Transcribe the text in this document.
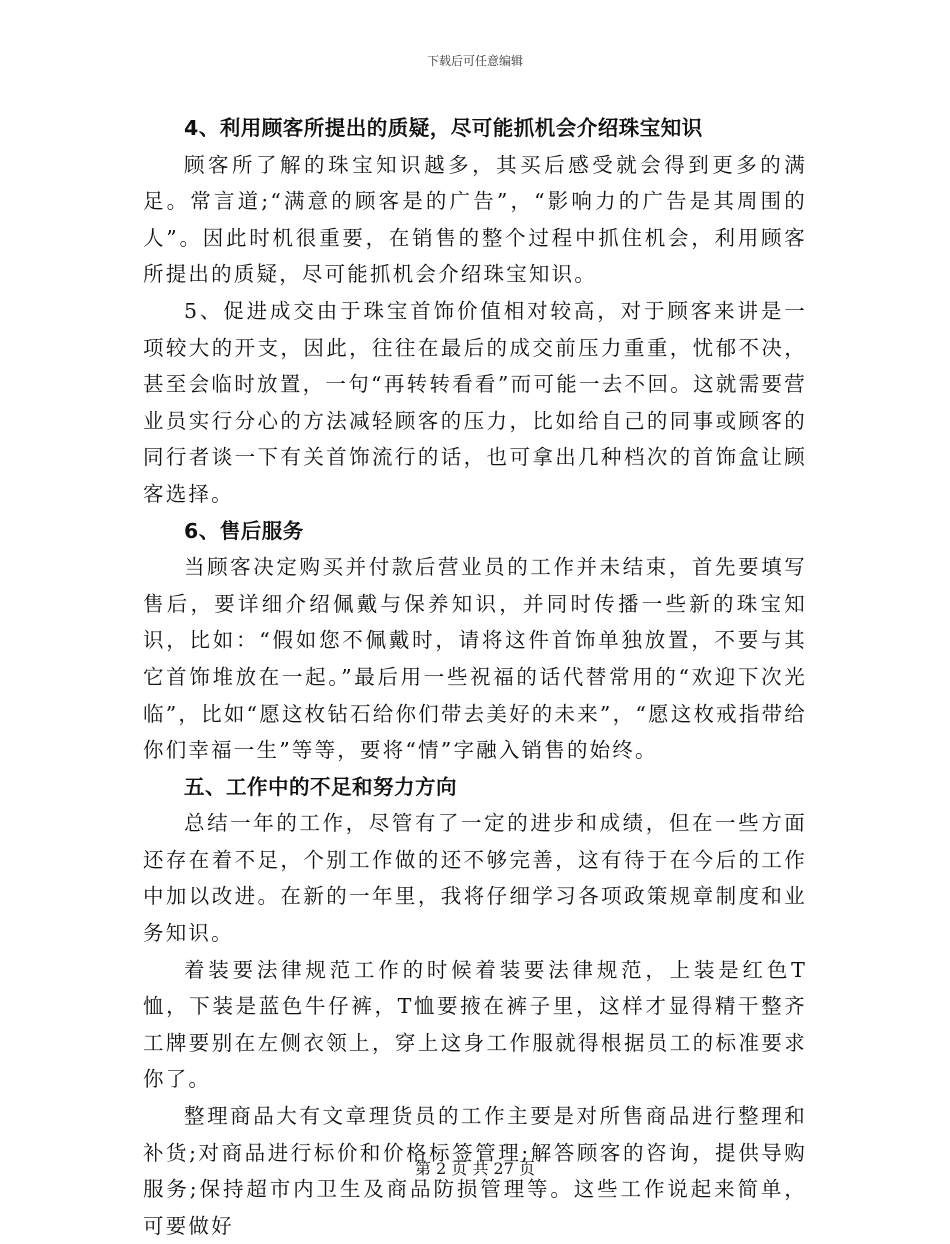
下载后可任意编辑

4、利用顾客所提出的质疑，尽可能抓机会介绍珠宝知识

顾客所了解的珠宝知识越多，其买后感受就会得到更多的满足。常言道;“满意的顾客是的广告”，“影响力的广告是其周围的人”。因此时机很重要，在销售的整个过程中抓住机会，利用顾客所提出的质疑，尽可能抓机会介绍珠宝知识。

5、促进成交由于珠宝首饰价值相对较高，对于顾客来讲是一项较大的开支，因此，往往在最后的成交前压力重重，忧郁不决，甚至会临时放置，一句“再转转看看”而可能一去不回。这就需要营业员实行分心的方法减轻顾客的压力，比如给自己的同事或顾客的同行者谈一下有关首饰流行的话，也可拿出几种档次的首饰盒让顾客选择。

6、售后服务

当顾客决定购买并付款后营业员的工作并未结束，首先要填写售后，要详细介绍佩戴与保养知识，并同时传播一些新的珠宝知识，比如：“假如您不佩戴时，请将这件首饰单独放置，不要与其它首饰堆放在一起。”最后用一些祝福的话代替常用的“欢迎下次光临”，比如“愿这枚钻石给你们带去美好的未来”，“愿这枚戒指带给你们幸福一生”等等，要将“情”字融入销售的始终。

五、工作中的不足和努力方向

总结一年的工作，尽管有了一定的进步和成绩，但在一些方面还存在着不足，个别工作做的还不够完善，这有待于在今后的工作中加以改进。在新的一年里，我将仔细学习各项政策规章制度和业务知识。

着装要法律规范工作的时候着装要法律规范，上装是红色T恤，下装是蓝色牛仔裤，T恤要掖在裤子里，这样才显得精干整齐工牌要别在左侧衣领上，穿上这身工作服就得根据员工的标准要求你了。

整理商品大有文章理货员的工作主要是对所售商品进行整理和补货;对商品进行标价和价格标签管理;解答顾客的咨询，提供导购服务;保持超市内卫生及商品防损管理等。这些工作说起来简单，可要做好

第 2 页 共 27 页
